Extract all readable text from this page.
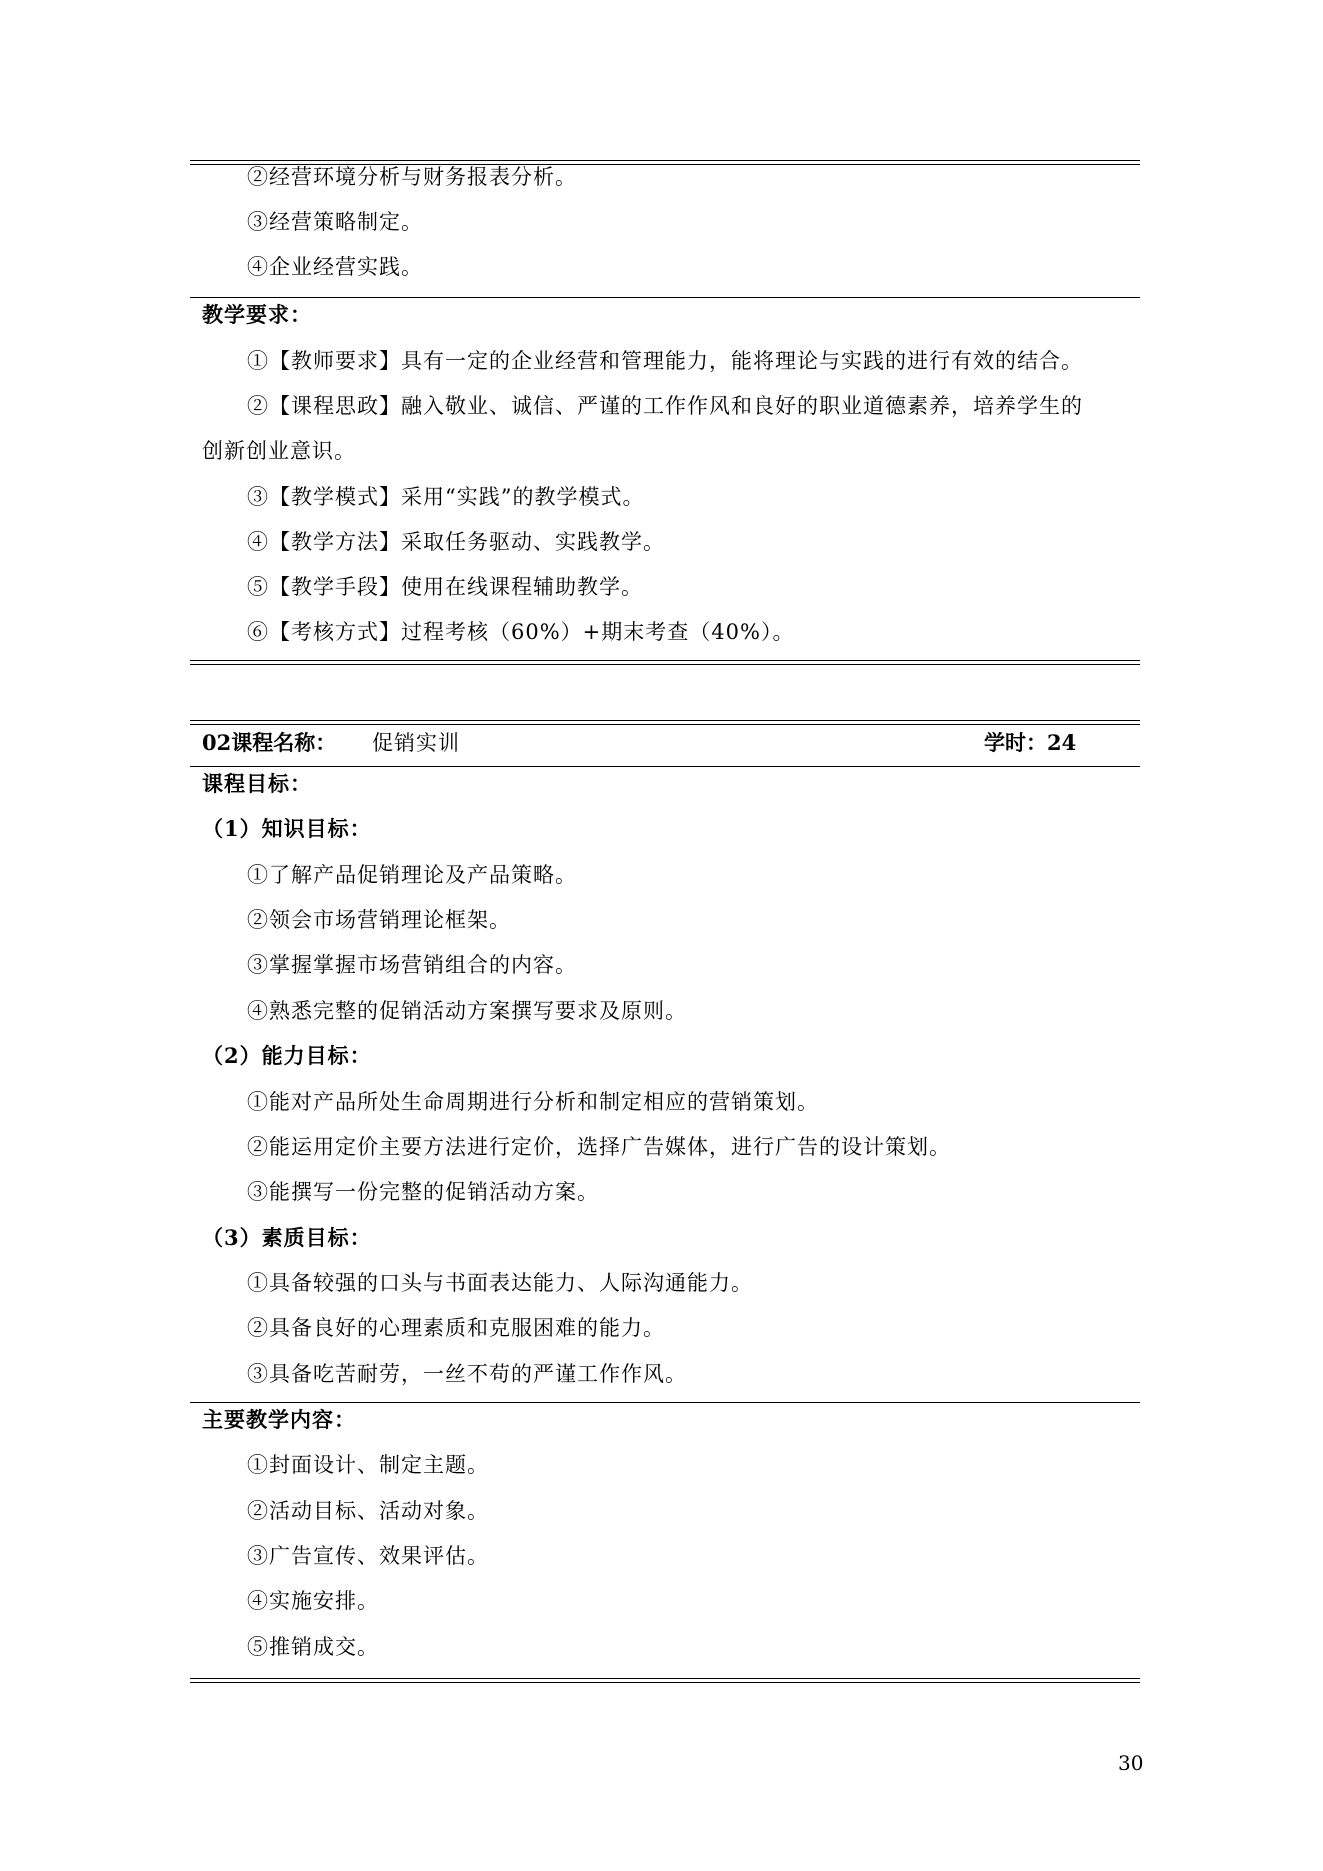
②经营环境分析与财务报表分析。
③经营策略制定。
④企业经营实践。
教学要求：
①【教师要求】具有一定的企业经营和管理能力，能将理论与实践的进行有效的结合。
②【课程思政】融入敬业、诚信、严谨的工作作风和良好的职业道德素养，培养学生的
创新创业意识。
③【教学模式】采用“实践”的教学模式。
④【教学方法】采取任务驱动、实践教学。
⑤【教学手段】使用在线课程辅助教学。
⑥【考核方式】过程考核（60%）+期末考查（40%）。
02课程名称： 促销实训	学时：24
课程目标：
（1）知识目标：
①了解产品促销理论及产品策略。
②领会市场营销理论框架。
③掌握掌握市场营销组合的内容。
④熟悉完整的促销活动方案撰写要求及原则。
（2）能力目标：
①能对产品所处生命周期进行分析和制定相应的营销策划。
②能运用定价主要方法进行定价，选择广告媒体，进行广告的设计策划。
③能撰写一份完整的促销活动方案。
（3）素质目标：
①具备较强的口头与书面表达能力、人际沟通能力。
②具备良好的心理素质和克服困难的能力。
③具备吃苦耐劳，一丝不苟的严谨工作作风。
主要教学内容：
①封面设计、制定主题。
②活动目标、活动对象。
③广告宣传、效果评估。
④实施安排。
⑤推销成交。
30
